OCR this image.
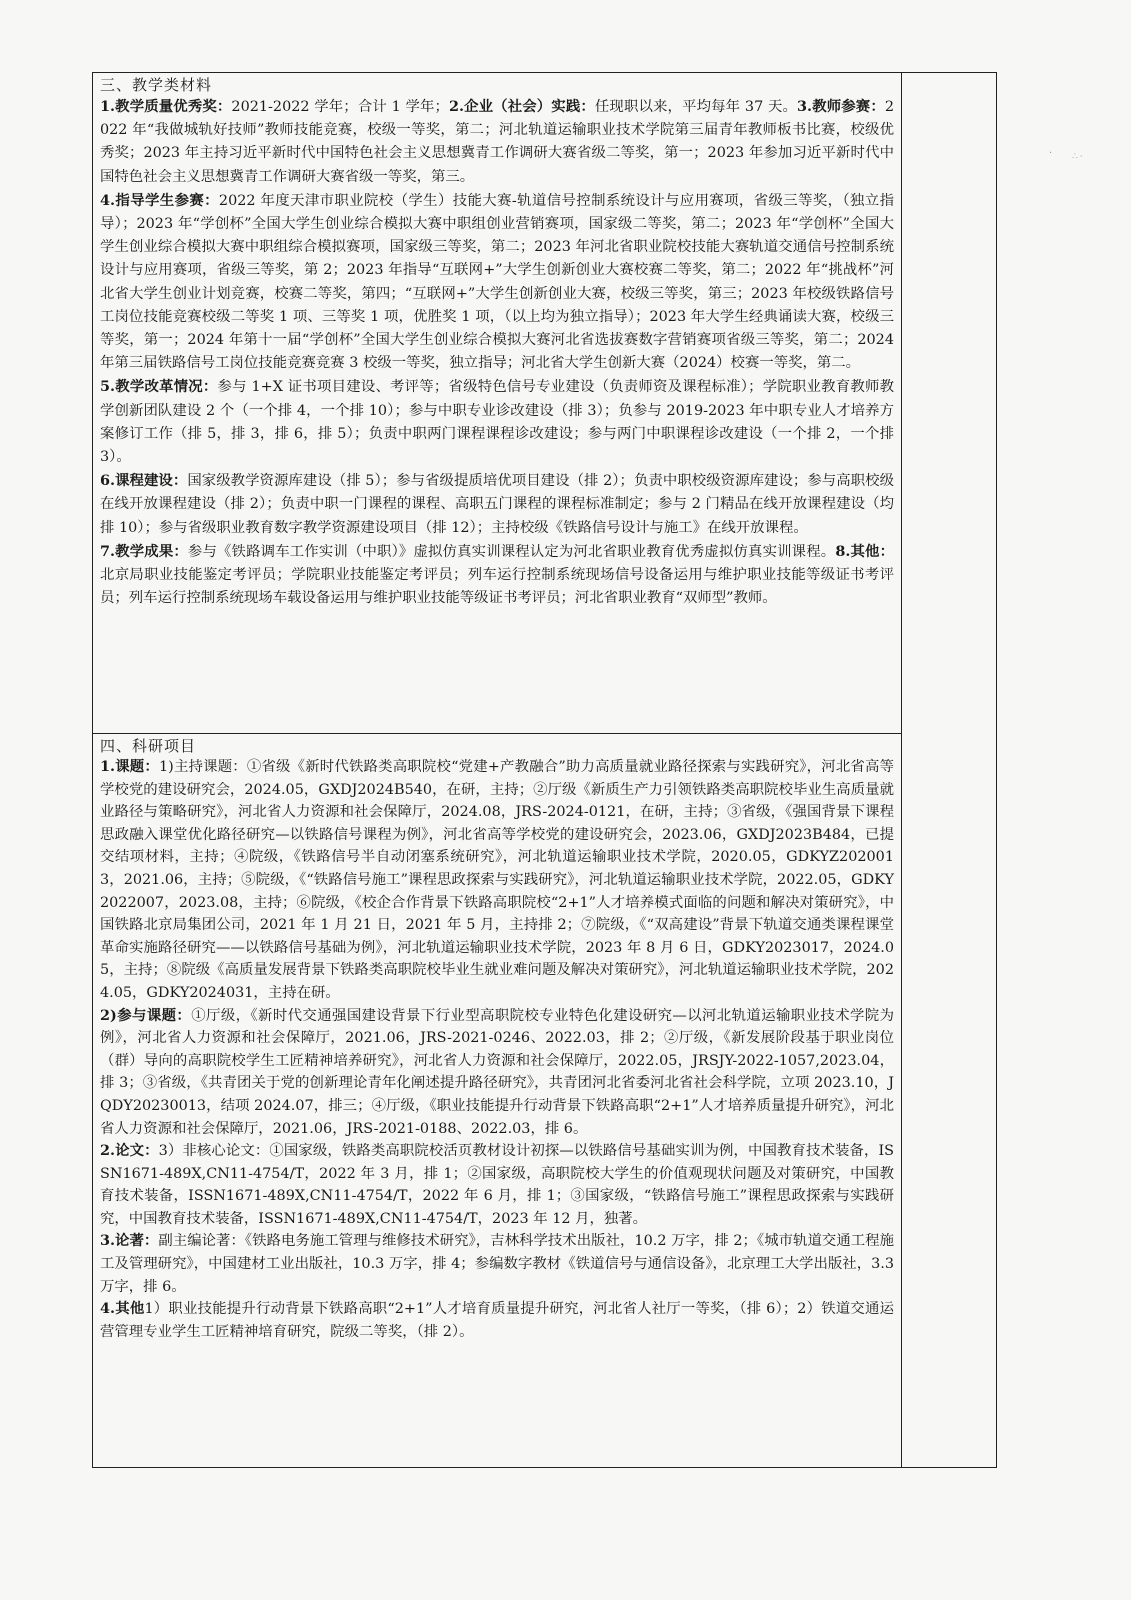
· ∴·
三、教学类材料

1.教学质量优秀奖：2021-2022 学年；合计 1 学年；2.企业（社会）实践：任现职以来，平均每年 37 天。3.教师参赛：2022 年“我做城轨好技师”教师技能竞赛，校级一等奖，第二；河北轨道运输职业技术学院第三届青年教师板书比赛，校级优秀奖；2023 年主持习近平新时代中国特色社会主义思想冀青工作调研大赛省级二等奖，第一；2023 年参加习近平新时代中国特色社会主义思想冀青工作调研大赛省级一等奖，第三。
4.指导学生参赛：2022 年度天津市职业院校（学生）技能大赛-轨道信号控制系统设计与应用赛项，省级三等奖，（独立指导）；2023 年“学创杯”全国大学生创业综合模拟大赛中职组创业营销赛项，国家级二等奖，第二；2023 年“学创杯”全国大学生创业综合模拟大赛中职组综合模拟赛项，国家级三等奖，第二；2023 年河北省职业院校技能大赛轨道交通信号控制系统设计与应用赛项，省级三等奖，第 2；2023 年指导“互联网+”大学生创新创业大赛校赛二等奖，第二；2022 年“挑战杯”河北省大学生创业计划竞赛，校赛二等奖，第四；“互联网+”大学生创新创业大赛，校级三等奖，第三；2023 年校级铁路信号工岗位技能竞赛校级二等奖 1 项、三等奖 1 项，优胜奖 1 项，（以上均为独立指导）；2023 年大学生经典诵读大赛，校级三等奖，第一；2024 年第十一届“学创杯”全国大学生创业综合模拟大赛河北省选拔赛数字营销赛项省级三等奖，第二；2024 年第三届铁路信号工岗位技能竞赛竞赛 3 校级一等奖，独立指导；河北省大学生创新大赛（2024）校赛一等奖，第二。
5.教学改革情况：参与 1+X 证书项目建设、考评等；省级特色信号专业建设（负责师资及课程标准）；学院职业教育教师教学创新团队建设 2 个（一个排 4，一个排 10）；参与中职专业诊改建设（排 3）；负参与 2019-2023 年中职专业人才培养方案修订工作（排 5，排 3，排 6，排 5）；负责中职两门课程课程诊改建设；参与两门中职课程诊改建设（一个排 2，一个排 3）。
6.课程建设：国家级教学资源库建设（排 5）；参与省级提质培优项目建设（排 2）；负责中职校级资源库建设；参与高职校级在线开放课程建设（排 2）；负责中职一门课程的课程、高职五门课程的课程标准制定；参与 2 门精品在线开放课程建设（均排 10）；参与省级职业教育数字教学资源建设项目（排 12）；主持校级《铁路信号设计与施工》在线开放课程。
7.教学成果：参与《铁路调车工作实训（中职）》虚拟仿真实训课程认定为河北省职业教育优秀虚拟仿真实训课程。8.其他：北京局职业技能鉴定考评员；学院职业技能鉴定考评员；列车运行控制系统现场信号设备运用与维护职业技能等级证书考评员；列车运行控制系统现场车载设备运用与维护职业技能等级证书考评员；河北省职业教育“双师型”教师。

四、科研项目

1.课题：1)主持课题：①省级《新时代铁路类高职院校“党建+产教融合”助力高质量就业路径探索与实践研究》，河北省高等学校党的建设研究会，2024.05，GXDJ2024B540，在研，主持；②厅级《新质生产力引领铁路类高职院校毕业生高质量就业路径与策略研究》，河北省人力资源和社会保障厅，2024.08，JRS-2024-0121，在研，主持；③省级，《强国背景下课程思政融入课堂优化路径研究—以铁路信号课程为例》，河北省高等学校党的建设研究会，2023.06，GXDJ2023B484，已提交结项材料，主持；④院级，《铁路信号半自动闭塞系统研究》，河北轨道运输职业技术学院，2020.05，GDKYZ2020013，2021.06，主持；⑤院级，《“铁路信号施工”课程思政探索与实践研究》，河北轨道运输职业技术学院，2022.05，GDKY2022007，2023.08，主持；⑥院级，《校企合作背景下铁路高职院校“2+1”人才培养模式面临的问题和解决对策研究》，中国铁路北京局集团公司，2021 年 1 月 21 日，2021 年 5 月，主持排 2；⑦院级，《“双高建设”背景下轨道交通类课程课堂革命实施路径研究——以铁路信号基础为例》，河北轨道运输职业技术学院，2023 年 8 月 6 日，GDKY2023017，2024.05，主持；⑧院级《高质量发展背景下铁路类高职院校毕业生就业难问题及解决对策研究》，河北轨道运输职业技术学院，2024.05，GDKY2024031，主持在研。
2)参与课题：①厅级，《新时代交通强国建设背景下行业型高职院校专业特色化建设研究—以河北轨道运输职业技术学院为例》，河北省人力资源和社会保障厅，2021.06，JRS-2021-0246、2022.03，排 2；②厅级，《新发展阶段基于职业岗位（群）导向的高职院校学生工匠精神培养研究》，河北省人力资源和社会保障厅，2022.05，JRSJY-2022-1057,2023.04，排 3；③省级，《共青团关于党的创新理论青年化阐述提升路径研究》，共青团河北省委河北省社会科学院，立项 2023.10，JQDY20230013，结项 2024.07，排三；④厅级，《职业技能提升行动背景下铁路高职“2+1”人才培养质量提升研究》，河北省人力资源和社会保障厅，2021.06，JRS-2021-0188、2022.03，排 6。
2.论文：3）非核心论文：①国家级，铁路类高职院校活页教材设计初探—以铁路信号基础实训为例，中国教育技术装备，ISSN1671-489X,CN11-4754/T，2022 年 3 月，排 1；②国家级，高职院校大学生的价值观现状问题及对策研究，中国教育技术装备，ISSN1671-489X,CN11-4754/T，2022 年 6 月，排 1；③国家级，“铁路信号施工”课程思政探索与实践研究，中国教育技术装备，ISSN1671-489X,CN11-4754/T，2023 年 12 月，独著。
3.论著：副主编论著：《铁路电务施工管理与维修技术研究》，吉林科学技术出版社，10.2 万字，排 2；《城市轨道交通工程施工及管理研究》，中国建材工业出版社，10.3 万字，排 4；参编数字教材《铁道信号与通信设备》，北京理工大学出版社，3.3 万字，排 6。
4.其他1）职业技能提升行动背景下铁路高职“2+1”人才培育质量提升研究，河北省人社厅一等奖，（排 6）；2）铁道交通运营管理专业学生工匠精神培育研究，院级二等奖，（排 2）。
